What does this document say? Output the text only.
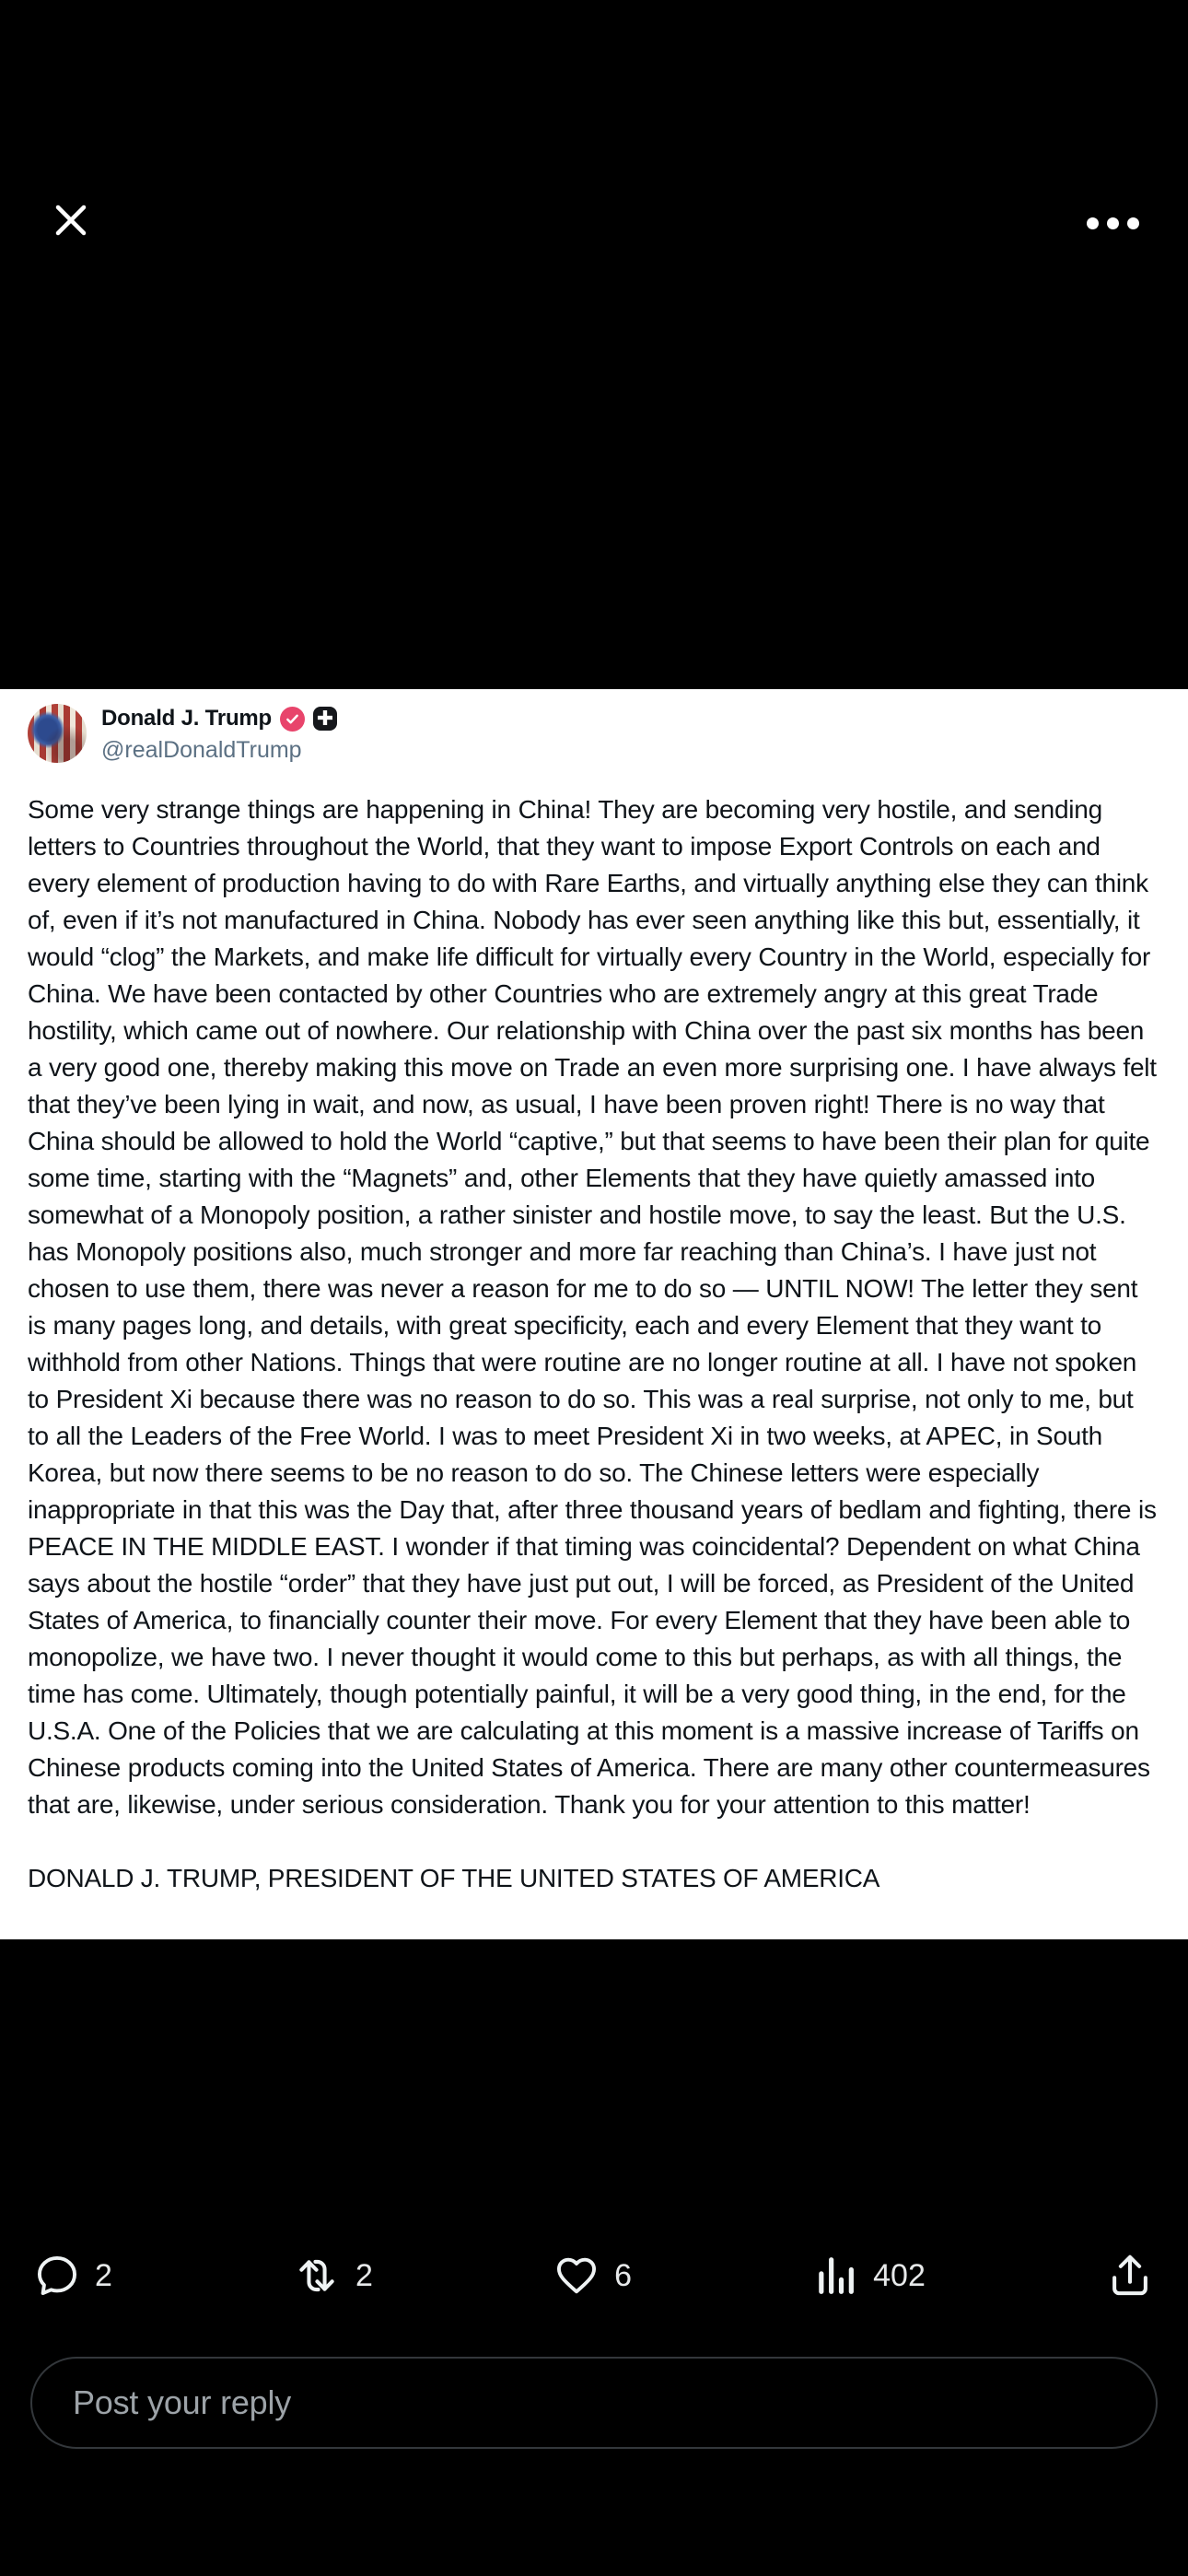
Donald J. Trump ✚
@realDonaldTrump
Some very strange things are happening in China! They are becoming very hostile, and sending letters to Countries throughout the World, that they want to impose Export Controls on each and every element of production having to do with Rare Earths, and virtually anything else they can think of, even if it’s not manufactured in China. Nobody has ever seen anything like this but, essentially, it would “clog” the Markets, and make life difficult for virtually every Country in the World, especially for China. We have been contacted by other Countries who are extremely angry at this great Trade hostility, which came out of nowhere. Our relationship with China over the past six months has been a very good one, thereby making this move on Trade an even more surprising one. I have always felt that they’ve been lying in wait, and now, as usual, I have been proven right! There is no way that China should be allowed to hold the World “captive,” but that seems to have been their plan for quite some time, starting with the “Magnets” and, other Elements that they have quietly amassed into somewhat of a Monopoly position, a rather sinister and hostile move, to say the least. But the U.S. has Monopoly positions also, much stronger and more far reaching than China’s. I have just not chosen to use them, there was never a reason for me to do so — UNTIL NOW! The letter they sent is many pages long, and details, with great specificity, each and every Element that they want to withhold from other Nations. Things that were routine are no longer routine at all. I have not spoken to President Xi because there was no reason to do so. This was a real surprise, not only to me, but to all the Leaders of the Free World. I was to meet President Xi in two weeks, at APEC, in South Korea, but now there seems to be no reason to do so. The Chinese letters were especially inappropriate in that this was the Day that, after three thousand years of bedlam and fighting, there is PEACE IN THE MIDDLE EAST. I wonder if that timing was coincidental? Dependent on what China says about the hostile “order” that they have just put out, I will be forced, as President of the United States of America, to financially counter their move. For every Element that they have been able to monopolize, we have two. I never thought it would come to this but perhaps, as with all things, the time has come. Ultimately, though potentially painful, it will be a very good thing, in the end, for the U.S.A. One of the Policies that we are calculating at this moment is a massive increase of Tariffs on Chinese products coming into the United States of America. There are many other countermeasures that are, likewise, under serious consideration. Thank you for your attention to this matter!
DONALD J. TRUMP, PRESIDENT OF THE UNITED STATES OF AMERICA
2	2	6	402
Post your reply
